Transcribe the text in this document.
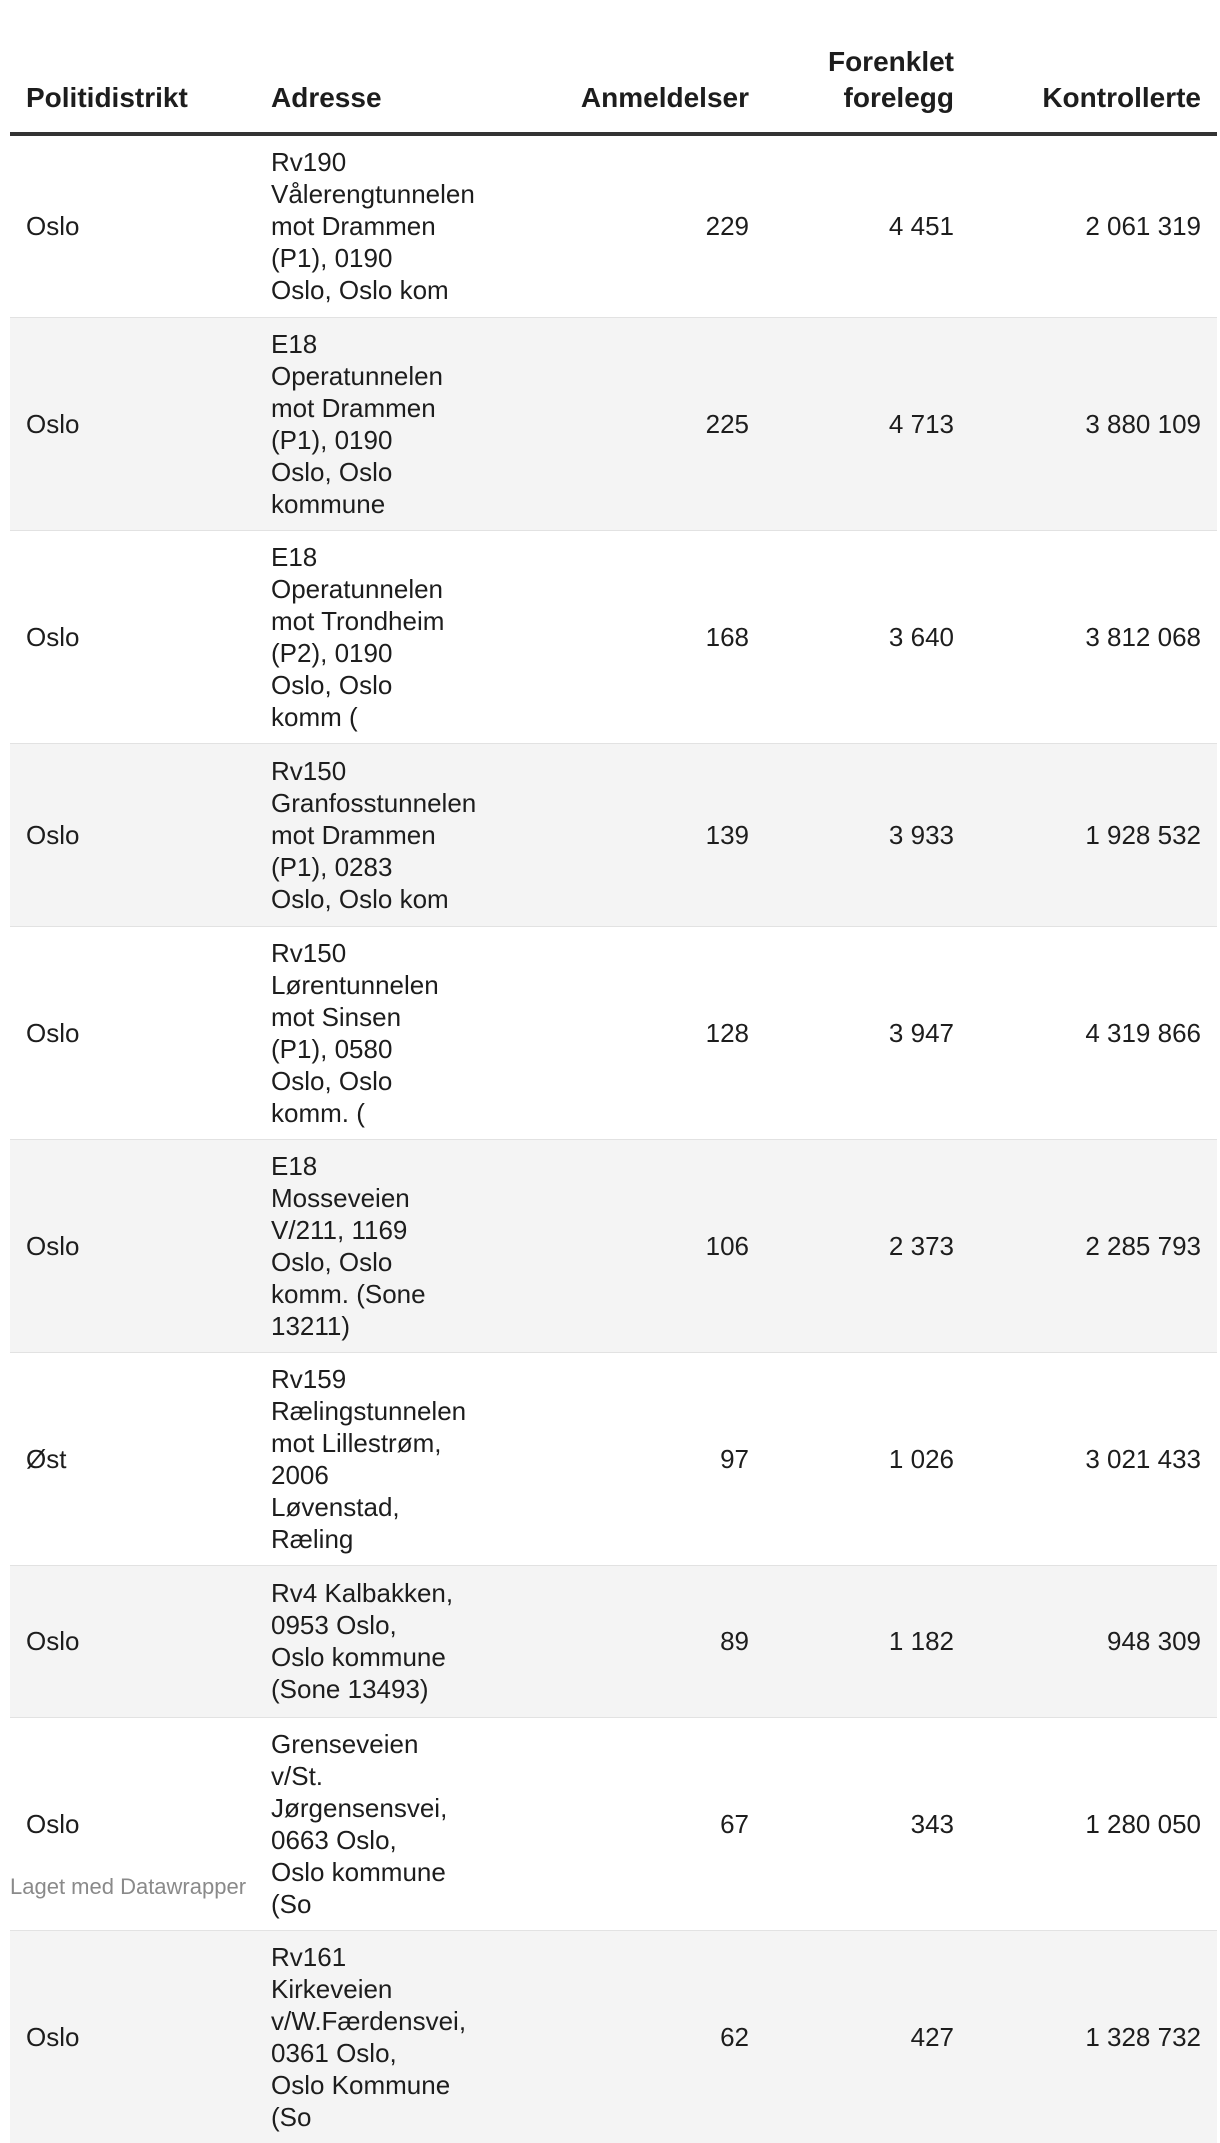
Politidistrikt	Adresse	Anmeldelser	Forenklet forelegg	Kontrollerte
Oslo	Rv190 Vålerengtunnelen mot Drammen (P1), 0190 Oslo, Oslo kom	229	4 451	2 061 319
Oslo	E18 Operatunnelen mot Drammen (P1), 0190 Oslo, Oslo kommune	225	4 713	3 880 109
Oslo	E18 Operatunnelen mot Trondheim (P2), 0190 Oslo, Oslo komm (	168	3 640	3 812 068
Oslo	Rv150 Granfosstunnelen mot Drammen (P1), 0283 Oslo, Oslo kom	139	3 933	1 928 532
Oslo	Rv150 Lørentunnelen mot Sinsen (P1), 0580 Oslo, Oslo komm. (	128	3 947	4 319 866
Oslo	E18 Mosseveien V/211, 1169 Oslo, Oslo komm. (Sone 13211)	106	2 373	2 285 793
Øst	Rv159 Rælingstunnelen mot Lillestrøm, 2006 Løvenstad, Ræling	97	1 026	3 021 433
Oslo	Rv4 Kalbakken, 0953 Oslo, Oslo kommune (Sone 13493)	89	1 182	948 309
Oslo	Grenseveien v/St. Jørgensensvei, 0663 Oslo, Oslo kommune (So	67	343	1 280 050
Oslo	Rv161 Kirkeveien v/W.Færdensvei, 0361 Oslo, Oslo Kommune (So	62	427	1 328 732
Laget med Datawrapper
